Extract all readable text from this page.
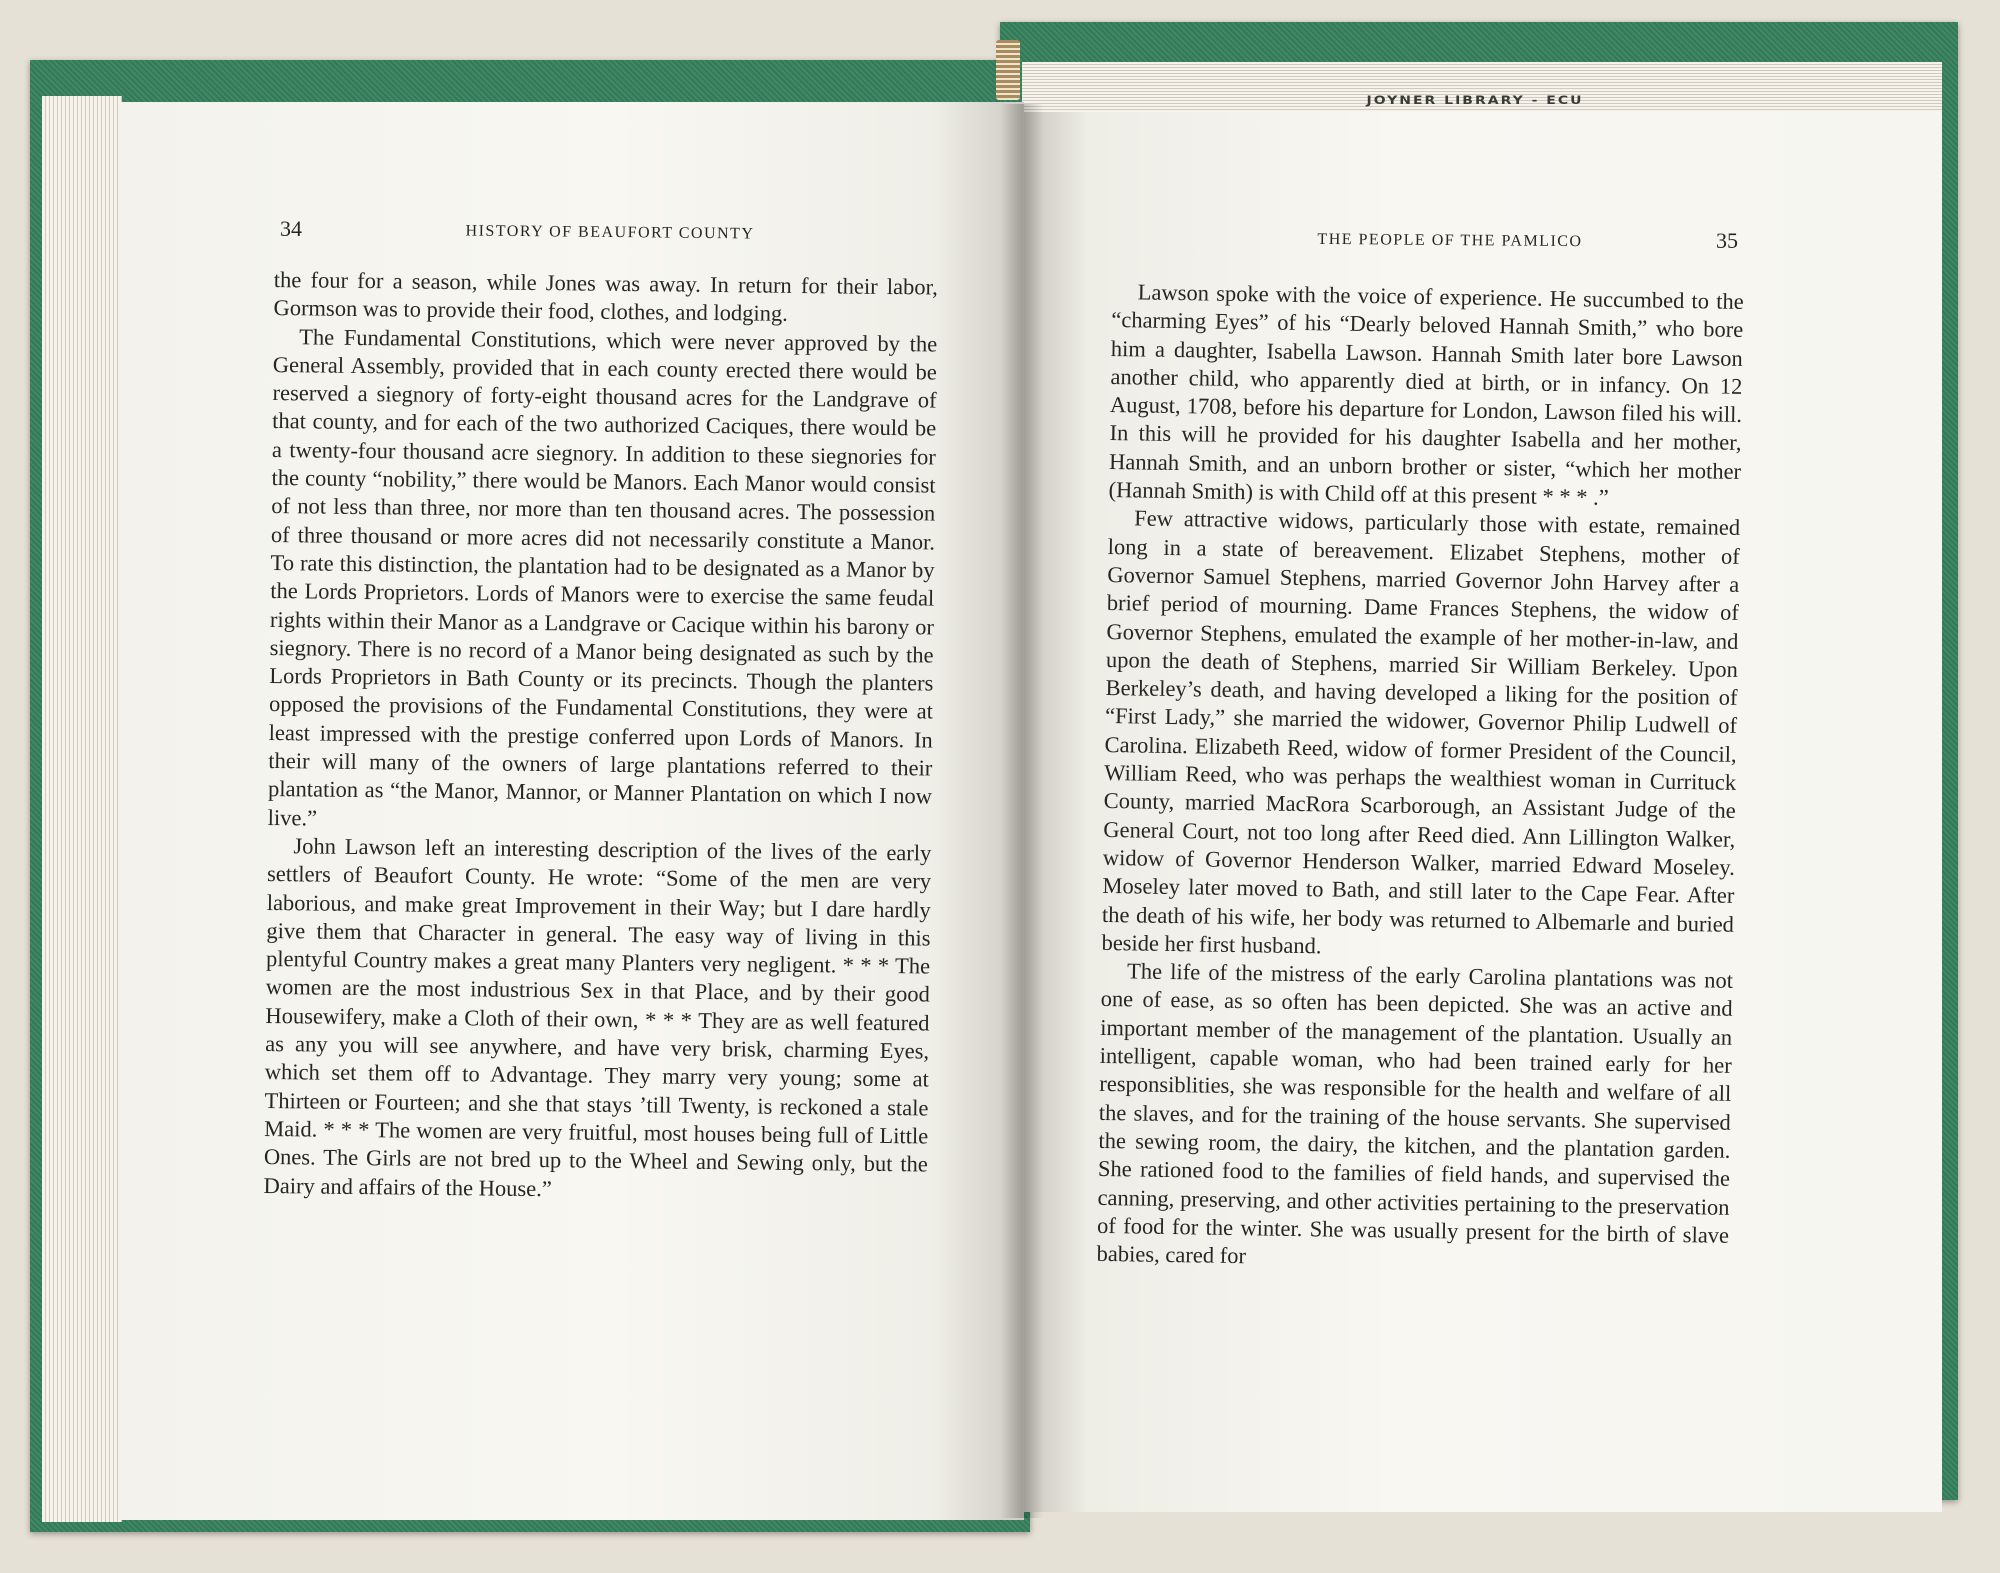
JOYNER LIBRARY - ECU
34	HISTORY OF BEAUFORT COUNTY

the four for a season, while Jones was away. In return for their labor, Gormson was to provide their food, clothes, and lodging.

The Fundamental Constitutions, which were never approved by the General Assembly, provided that in each county erected there would be reserved a siegnory of forty-eight thousand acres for the Landgrave of that county, and for each of the two authorized Caciques, there would be a twenty-four thousand acre siegnory. In addition to these siegnories for the county “nobility,” there would be Manors. Each Manor would consist of not less than three, nor more than ten thousand acres. The possession of three thousand or more acres did not necessarily constitute a Manor. To rate this distinction, the plantation had to be designated as a Manor by the Lords Proprietors. Lords of Manors were to exercise the same feudal rights within their Manor as a Landgrave or Cacique within his barony or siegnory. There is no record of a Manor being designated as such by the Lords Proprietors in Bath County or its precincts. Though the planters opposed the provisions of the Fundamental Constitutions, they were at least impressed with the prestige conferred upon Lords of Manors. In their will many of the owners of large plantations referred to their plantation as “the Manor, Mannor, or Manner Plantation on which I now live.”

John Lawson left an interesting description of the lives of the early settlers of Beaufort County. He wrote: “Some of the men are very laborious, and make great Improvement in their Way; but I dare hardly give them that Character in general. The easy way of living in this plentyful Country makes a great many Planters very negligent. * * * The women are the most industrious Sex in that Place, and by their good Housewifery, make a Cloth of their own, * * * They are as well featured as any you will see anywhere, and have very brisk, charming Eyes, which set them off to Advantage. They marry very young; some at Thirteen or Fourteen; and she that stays ’till Twenty, is reckoned a stale Maid. * * * The women are very fruitful, most houses being full of Little Ones. The Girls are not bred up to the Wheel and Sewing only, but the Dairy and affairs of the House.”

THE PEOPLE OF THE PAMLICO	35

Lawson spoke with the voice of experience. He succumbed to the “charming Eyes” of his “Dearly beloved Hannah Smith,” who bore him a daughter, Isabella Lawson. Hannah Smith later bore Lawson another child, who apparently died at birth, or in infancy. On 12 August, 1708, before his departure for London, Lawson filed his will. In this will he provided for his daughter Isabella and her mother, Hannah Smith, and an unborn brother or sister, “which her mother (Hannah Smith) is with Child off at this present * * * .”

Few attractive widows, particularly those with estate, remained long in a state of bereavement. Elizabet Stephens, mother of Governor Samuel Stephens, married Governor John Harvey after a brief period of mourning. Dame Frances Stephens, the widow of Governor Stephens, emulated the example of her mother-in-law, and upon the death of Stephens, married Sir William Berkeley. Upon Berkeley’s death, and having developed a liking for the position of “First Lady,” she married the widower, Governor Philip Ludwell of Carolina. Elizabeth Reed, widow of former President of the Council, William Reed, who was perhaps the wealthiest woman in Currituck County, married MacRora Scarborough, an Assistant Judge of the General Court, not too long after Reed died. Ann Lillington Walker, widow of Governor Henderson Walker, married Edward Moseley. Moseley later moved to Bath, and still later to the Cape Fear. After the death of his wife, her body was returned to Albemarle and buried beside her first husband.

The life of the mistress of the early Carolina plantations was not one of ease, as so often has been depicted. She was an active and important member of the management of the plantation. Usually an intelligent, capable woman, who had been trained early for her responsiblities, she was responsible for the health and welfare of all the slaves, and for the training of the house servants. She supervised the sewing room, the dairy, the kitchen, and the plantation garden. She rationed food to the families of field hands, and supervised the canning, preserving, and other activities pertaining to the preservation of food for the winter. She was usually present for the birth of slave babies, cared for
